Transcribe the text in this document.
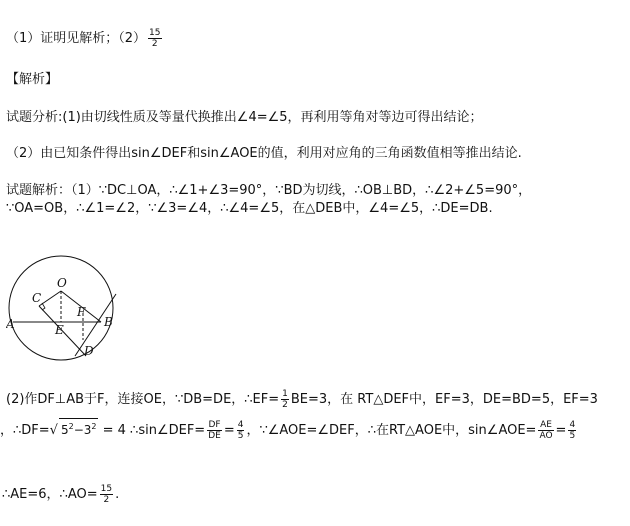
（1）证明见解析；$(2) \frac{15}{2}$
【解析】
试题分析:(1)由切线性质及等量代换推出∠4=∠5，再利用等角对等边可得出结论；
（2）由已知条件得出sin∠DEF和sin∠AOE的值，利用对应角的三角函数值相等推出结论.
试题解析：（1）∵DC⊥OA，∴∠1+∠3=90°，∵BD为切线，∴OB⊥BD，∴∠2+∠5=90°，
∵OA=OB，∴∠1=∠2，∵∠3=∠4，∴∠4=∠5，在△DEB中，∠4=∠5，∴DE=DB.
O
C
A	E
F
B
D
(2)作DF⊥AB于F，连接OE，∵DB=DE，∴EF= $\frac{1}{2} BE=3$，在 RT△DEF中，EF=3，DE=BD=5，EF=3
，∴DF=√ $5^2-3^2 = 4$ ∴sin∠DEF= $\frac{DF}{DE} = \frac{4}{5}$ ，∵∠AOE=∠DEF，∴在RT△AOE中，sin∠AOE= $\frac{AE}{AO} = \frac{4}{5}$
∴AE=6，∴AO= $\frac{15}{2}$ .
